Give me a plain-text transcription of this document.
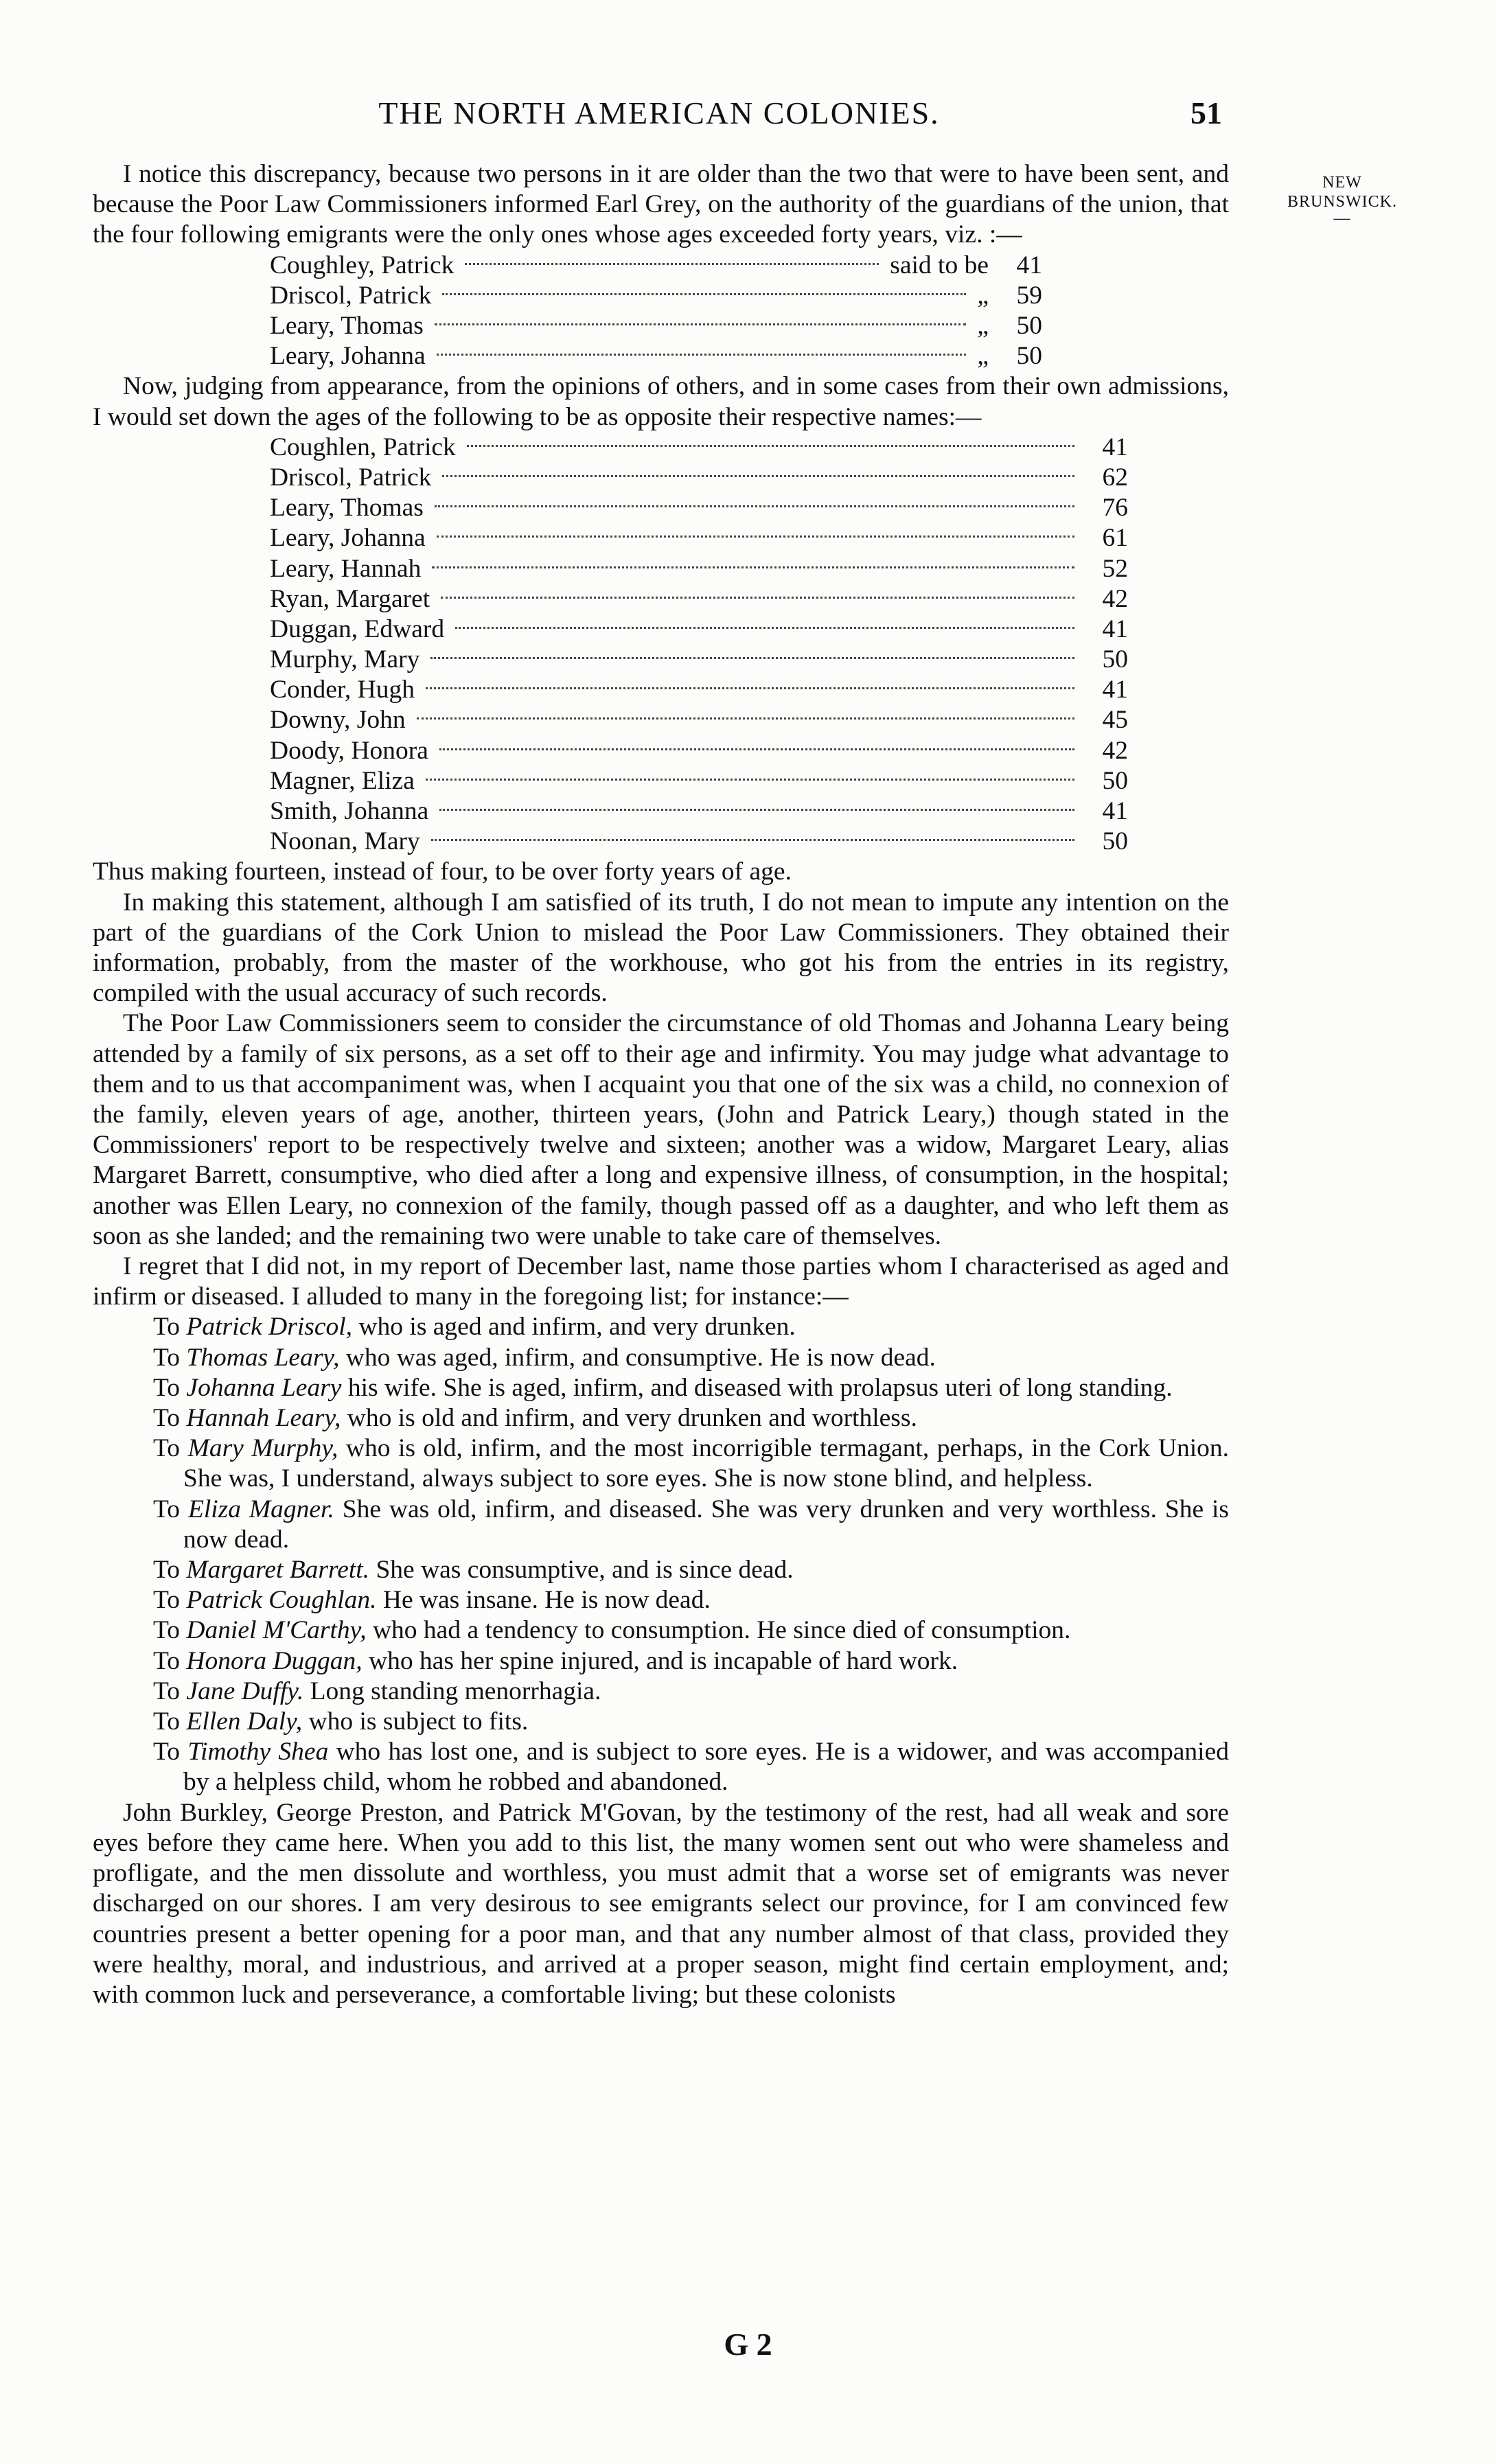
THE NORTH AMERICAN COLONIES.	51
NEW
BRUNSWICK.
—

I notice this discrepancy, because two persons in it are older than the two that were to have been sent, and because the Poor Law Commissioners informed Earl Grey, on the authority of the guardians of the union, that the four following emigrants were the only ones whose ages exceeded forty years, viz. :—

Coughley, Patrick	said to be	41
Driscol, Patrick	„	59
Leary, Thomas	„	50
Leary, Johanna	„	50

Now, judging from appearance, from the opinions of others, and in some cases from their own admissions, I would set down the ages of the following to be as opposite their respective names:—

Coughlen, Patrick	41
Driscol, Patrick	62
Leary, Thomas	76
Leary, Johanna	61
Leary, Hannah	52
Ryan, Margaret	42
Duggan, Edward	41
Murphy, Mary	50
Conder, Hugh	41
Downy, John	45
Doody, Honora	42
Magner, Eliza	50
Smith, Johanna	41
Noonan, Mary	50

Thus making fourteen, instead of four, to be over forty years of age.

In making this statement, although I am satisfied of its truth, I do not mean to impute any intention on the part of the guardians of the Cork Union to mislead the Poor Law Commissioners. They obtained their information, probably, from the master of the workhouse, who got his from the entries in its registry, compiled with the usual accuracy of such records.

The Poor Law Commissioners seem to consider the circumstance of old Thomas and Johanna Leary being attended by a family of six persons, as a set off to their age and infirmity. You may judge what advantage to them and to us that accompaniment was, when I acquaint you that one of the six was a child, no connexion of the family, eleven years of age, another, thirteen years, (John and Patrick Leary,) though stated in the Commissioners' report to be respectively twelve and sixteen; another was a widow, Margaret Leary, alias Margaret Barrett, consumptive, who died after a long and expensive illness, of consumption, in the hospital; another was Ellen Leary, no connexion of the family, though passed off as a daughter, and who left them as soon as she landed; and the remaining two were unable to take care of themselves.

I regret that I did not, in my report of December last, name those parties whom I characterised as aged and infirm or diseased. I alluded to many in the foregoing list; for instance:—

To Patrick Driscol, who is aged and infirm, and very drunken.

To Thomas Leary, who was aged, infirm, and consumptive. He is now dead.

To Johanna Leary his wife. She is aged, infirm, and diseased with prolapsus uteri of long standing.

To Hannah Leary, who is old and infirm, and very drunken and worthless.

To Mary Murphy, who is old, infirm, and the most incorrigible termagant, perhaps, in the Cork Union. She was, I understand, always subject to sore eyes. She is now stone blind, and helpless.

To Eliza Magner. She was old, infirm, and diseased. She was very drunken and very worthless. She is now dead.

To Margaret Barrett. She was consumptive, and is since dead.

To Patrick Coughlan. He was insane. He is now dead.

To Daniel M'Carthy, who had a tendency to consumption. He since died of consumption.

To Honora Duggan, who has her spine injured, and is incapable of hard work.

To Jane Duffy. Long standing menorrhagia.

To Ellen Daly, who is subject to fits.

To Timothy Shea who has lost one, and is subject to sore eyes. He is a widower, and was accompanied by a helpless child, whom he robbed and abandoned.

John Burkley, George Preston, and Patrick M'Govan, by the testimony of the rest, had all weak and sore eyes before they came here. When you add to this list, the many women sent out who were shameless and profligate, and the men dissolute and worthless, you must admit that a worse set of emigrants was never discharged on our shores. I am very desirous to see emigrants select our province, for I am convinced few countries present a better opening for a poor man, and that any number almost of that class, provided they were healthy, moral, and industrious, and arrived at a proper season, might find certain employment, and; with common luck and perseverance, a comfortable living; but these colonists

G 2
